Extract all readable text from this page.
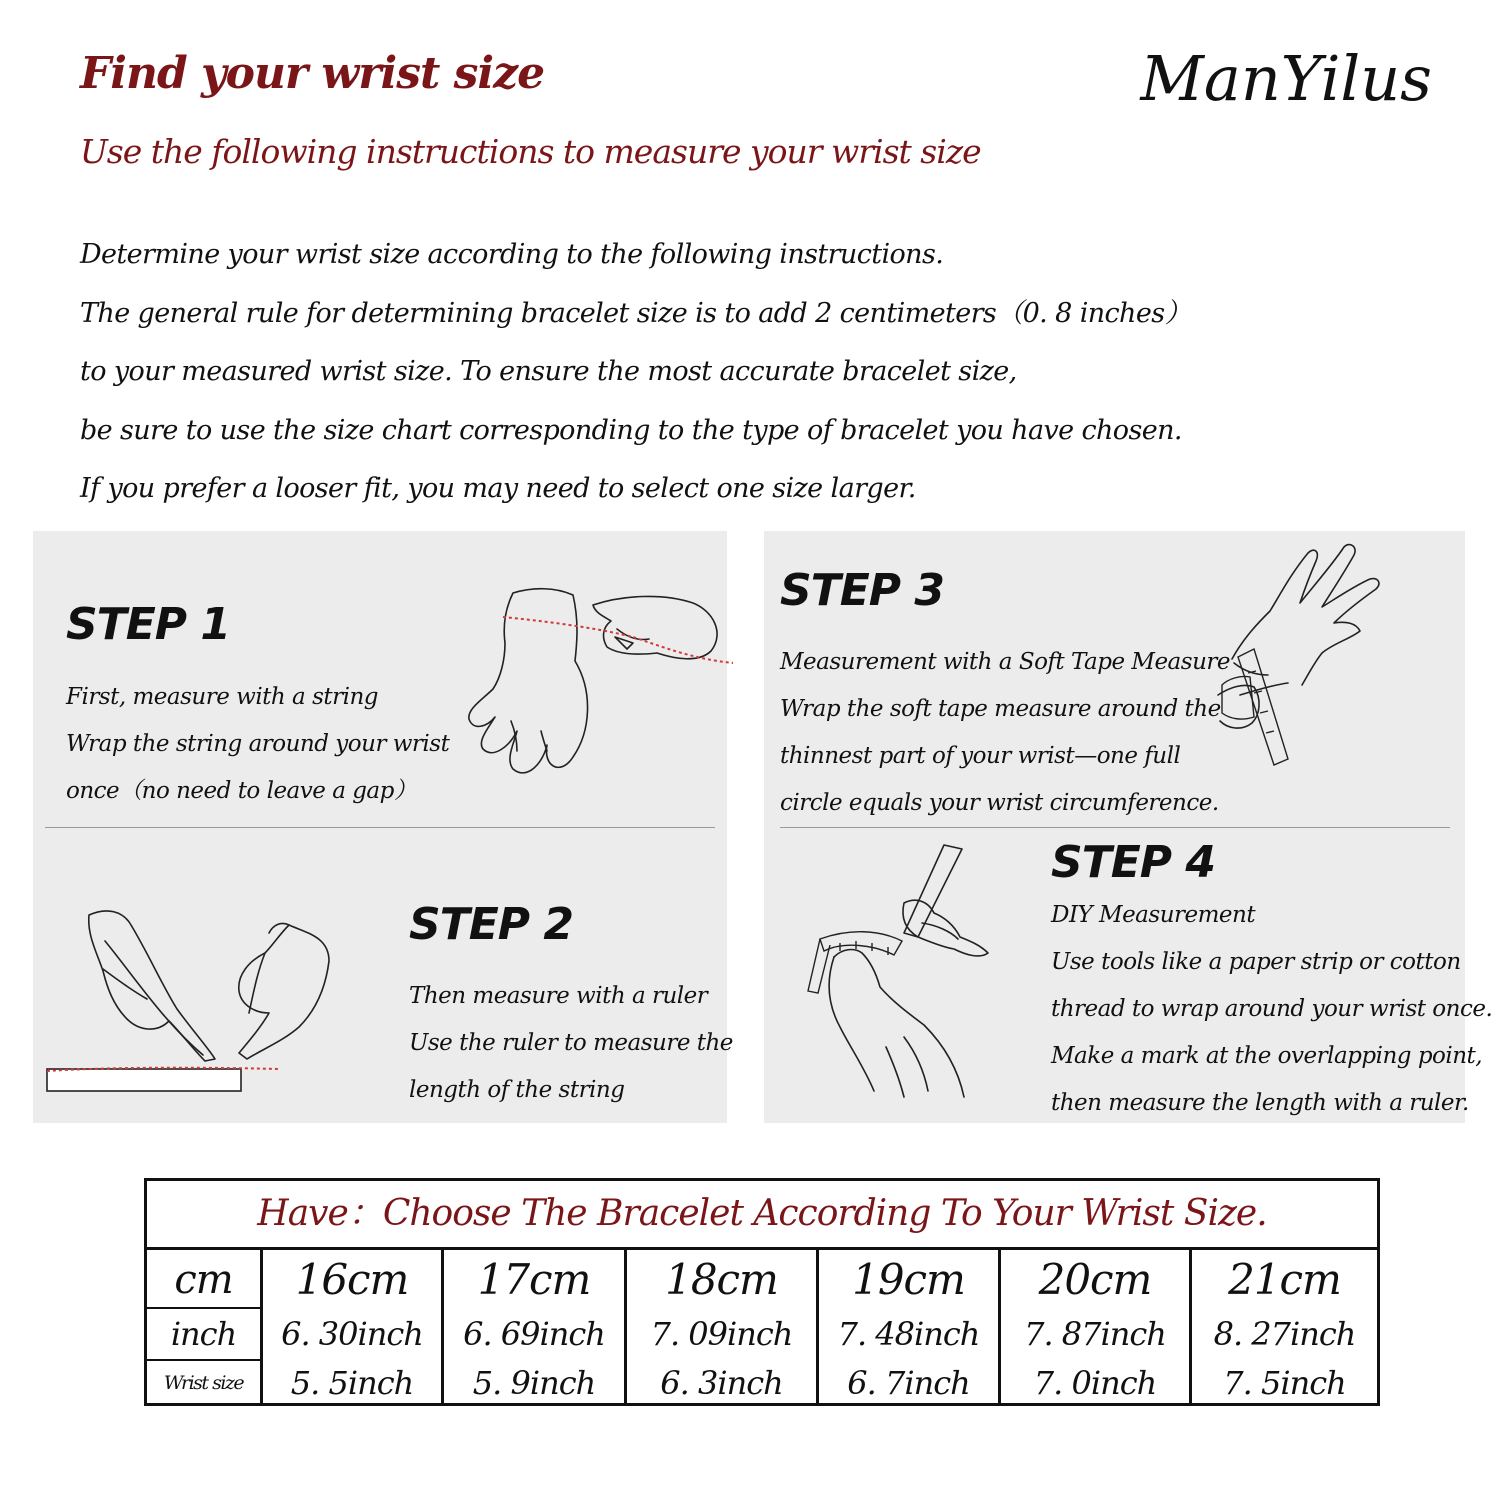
Find your wrist size
Use the following instructions to measure your wrist size
ManYilus
Determine your wrist size according to the following instructions.
The general rule for determining bracelet size is to add 2 centimeters（0. 8 inches）
to your measured wrist size. To ensure the most accurate bracelet size,
be sure to use the size chart corresponding to the type of bracelet you have chosen.
If you prefer a looser fit, you may need to select one size larger.
STEP 1
First, measure with a string
Wrap the string around your wrist
once（no need to leave a gap）
STEP 2
Then measure with a ruler
Use the ruler to measure the
length of the string
STEP 3
Measurement with a Soft Tape Measure
Wrap the soft tape measure around the
thinnest part of your wrist—one full
circle equals your wrist circumference.
STEP 4
DIY Measurement
Use tools like a paper strip or cotton
thread to wrap around your wrist once.
Make a mark at the overlapping point,
then measure the length with a ruler.
Have：Choose The Bracelet According To Your Wrist Size.
cm
inch
Wrist size
16cm
6. 30inch
5. 5inch
17cm
6. 69inch
5. 9inch
18cm
7. 09inch
6. 3inch
19cm
7. 48inch
6. 7inch
20cm
7. 87inch
7. 0inch
21cm
8. 27inch
7. 5inch
